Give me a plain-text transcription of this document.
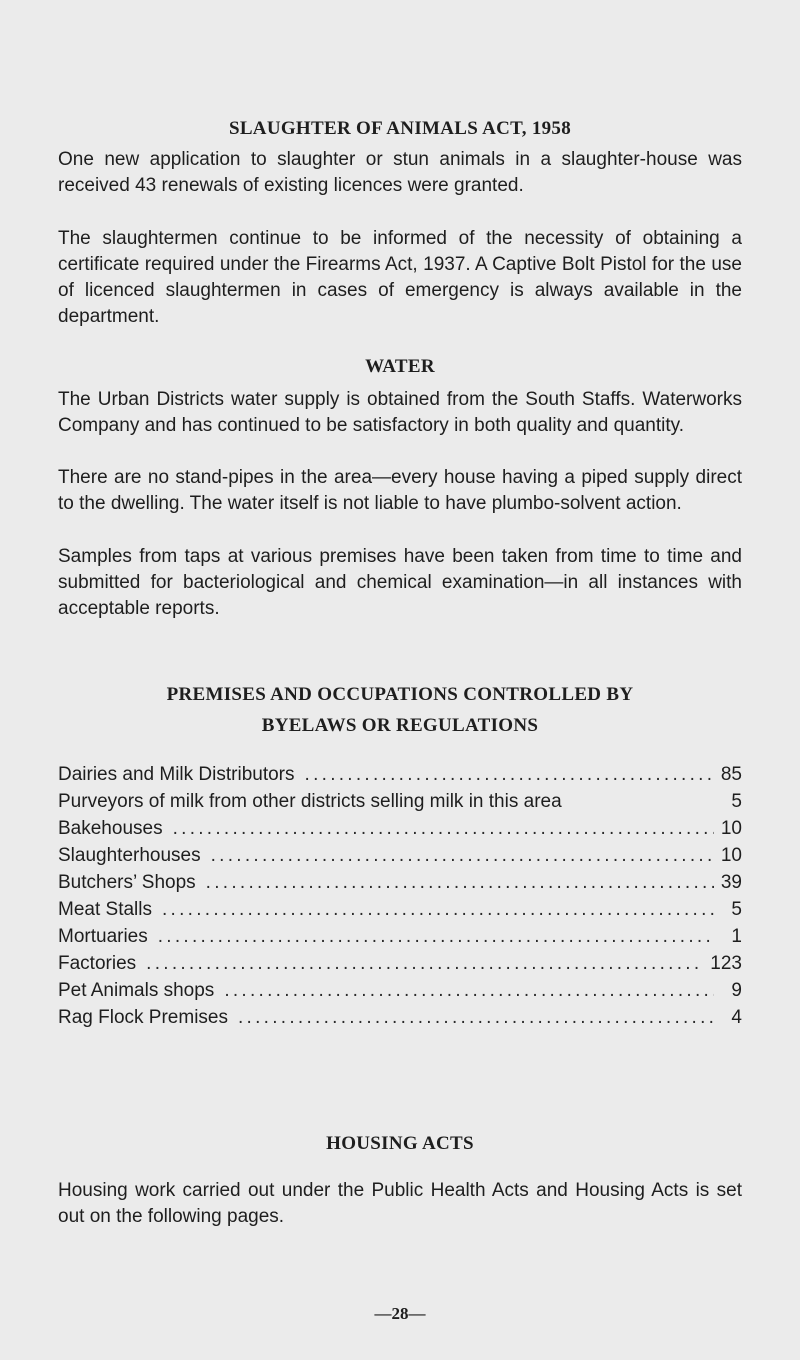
SLAUGHTER OF ANIMALS ACT, 1958

One new application to slaughter or stun animals in a slaughter-house was received 43 renewals of existing licences were granted.

The slaughtermen continue to be informed of the necessity of obtaining a certificate required under the Firearms Act, 1937. A Captive Bolt Pistol for the use of licenced slaughtermen in cases of emergency is always available in the department.

WATER

The Urban Districts water supply is obtained from the South Staffs. Waterworks Company and has continued to be satisfactory in both quality and quantity.

There are no stand-pipes in the area—every house having a piped supply direct to the dwelling. The water itself is not liable to have plumbo-solvent action.

Samples from taps at various premises have been taken from time to time and submitted for bacteriological and chemical examination—in all instances with acceptable reports.

PREMISES AND OCCUPATIONS CONTROLLED BY
BYELAWS OR REGULATIONS
Dairies and Milk Distributors . . .	85
Purveyors of milk from other districts selling milk in this area	5
Bakehouses . . .	10
Slaughterhouses . . .	10
Butchers’ Shops . . .	39
Meat Stalls . . .	5
Mortuaries . . .	1
Factories . . .	123
Pet Animals shops . . .	9
Rag Flock Premises . . .	4
HOUSING ACTS

Housing work carried out under the Public Health Acts and Housing Acts is set out on the following pages.

—28—
